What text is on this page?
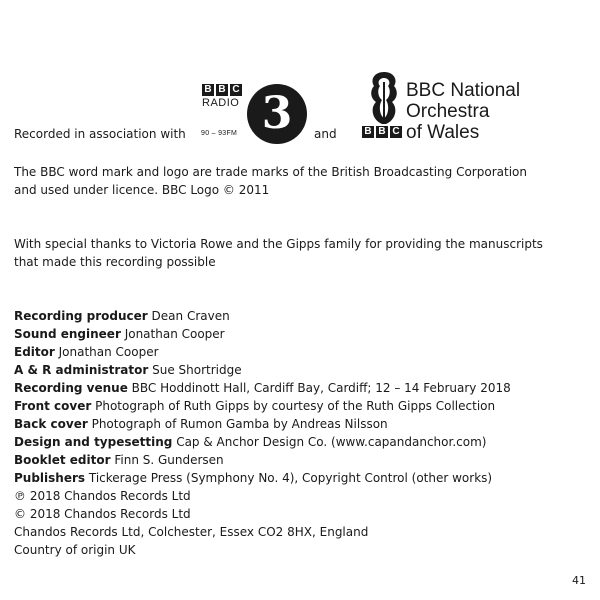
Recorded in association with
B B C
RADIO
90 – 93FM 3	and	B B C
BBC National
Orchestra
of Wales
The BBC word mark and logo are trade marks of the British Broadcasting Corporation
and used under licence. BBC Logo © 2011
With special thanks to Victoria Rowe and the Gipps family for providing the manuscripts
that made this recording possible
Recording producer Dean Craven
Sound engineer Jonathan Cooper
Editor Jonathan Cooper
A & R administrator Sue Shortridge
Recording venue BBC Hoddinott Hall, Cardiff Bay, Cardiff; 12 – 14 February 2018
Front cover Photograph of Ruth Gipps by courtesy of the Ruth Gipps Collection
Back cover Photograph of Rumon Gamba by Andreas Nilsson
Design and typesetting Cap & Anchor Design Co. (www.capandanchor.com)
Booklet editor Finn S. Gundersen
Publishers Tickerage Press (Symphony No. 4), Copyright Control (other works)
℗ 2018 Chandos Records Ltd
© 2018 Chandos Records Ltd
Chandos Records Ltd, Colchester, Essex CO2 8HX, England
Country of origin UK
41
